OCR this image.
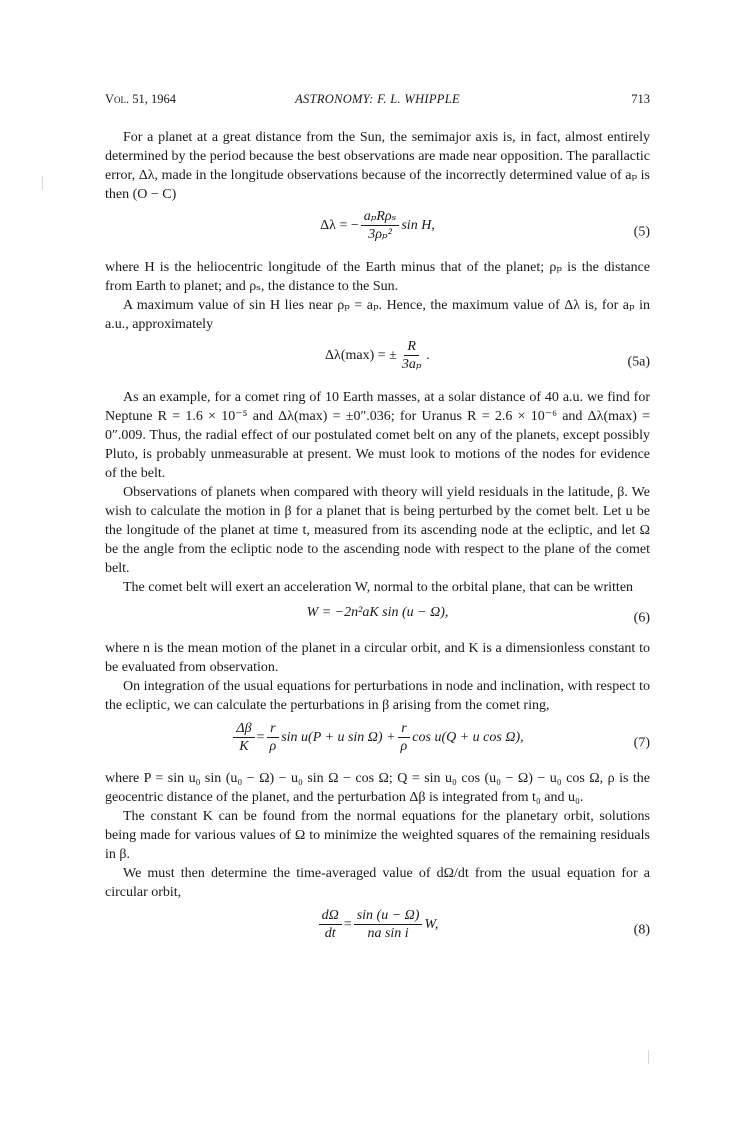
Vol. 51, 1964	ASTRONOMY: F. L. WHIPPLE	713

For a planet at a great distance from the Sun, the semimajor axis is, in fact, almost entirely determined by the period because the best observations are made near opposition. The parallactic error, Δλ, made in the longitude observations because of the incorrectly determined value of aₚ is then (O − C)

Δλ = − $\frac{\text{aₚRρₛ}}{\text{3ρₚ²}}$ sin H,	(5)

where H is the heliocentric longitude of the Earth minus that of the planet; ρₚ is the distance from Earth to planet; and ρₛ, the distance to the Sun.

A maximum value of sin H lies near ρₚ = aₚ. Hence, the maximum value of Δλ is, for aₚ in a.u., approximately

Δλ(max) = ± $\frac{R}{\text{3aₚ}}$ .	(5a)

As an example, for a comet ring of 10 Earth masses, at a solar distance of 40 a.u. we find for Neptune R = 1.6 × 10⁻⁵ and Δλ(max) = ±0″.036; for Uranus R = 2.6 × 10⁻⁶ and Δλ(max) = 0″.009. Thus, the radial effect of our postulated comet belt on any of the planets, except possibly Pluto, is probably unmeasurable at present. We must look to motions of the nodes for evidence of the belt.

Observations of planets when compared with theory will yield residuals in the latitude, β. We wish to calculate the motion in β for a planet that is being perturbed by the comet belt. Let u be the longitude of the planet at time t, measured from its ascending node at the ecliptic, and let Ω be the angle from the ecliptic node to the ascending node with respect to the plane of the comet belt.

The comet belt will exert an acceleration W, normal to the orbital plane, that can be written

W = −2n²aK sin (u − Ω),	(6)

where n is the mean motion of the planet in a circular orbit, and K is a dimensionless constant to be evaluated from observation.

On integration of the usual equations for perturbations in node and inclination, with respect to the ecliptic, we can calculate the perturbations in β arising from the comet ring,

$\frac{\Delta\beta}{K} = \frac{r}{\rho}$ sin u(P + u $\sin \Omega) + \frac{r}{\rho}$ cos u(Q + u cos Ω),	(7)

where P = sin u₀ sin (u₀ − Ω) − u₀ sin Ω − cos Ω; Q = sin u₀ cos (u₀ − Ω) − u₀ cos Ω, ρ is the geocentric distance of the planet, and the perturbation Δβ is integrated from t₀ and u₀.

The constant K can be found from the normal equations for the planetary orbit, solutions being made for various values of Ω to minimize the weighted squares of the remaining residuals in β.

We must then determine the time-averaged value of dΩ/dt from the usual equation for a circular orbit,

$\frac{d\Omega}{dt} = \frac{\sin (u - \Omega)}{\text{na sin i}} W$,	(8)
